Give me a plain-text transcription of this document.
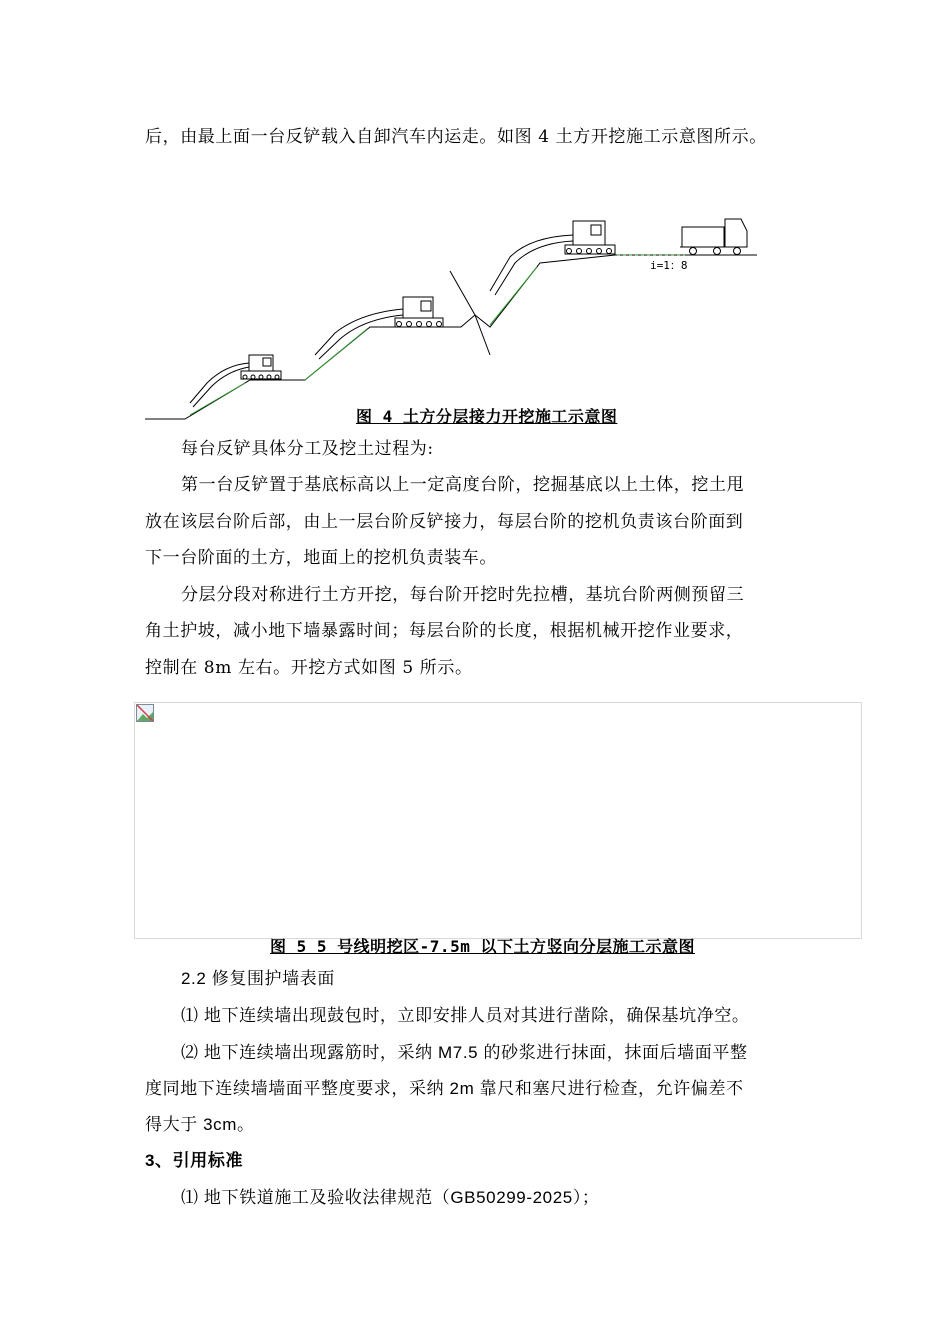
后，由最上面一台反铲载入自卸汽车内运走。如图 4 土方开挖施工示意图所示。
i=1：8
图 4 土方分层接力开挖施工示意图
每台反铲具体分工及挖土过程为:
第一台反铲置于基底标高以上一定高度台阶，挖掘基底以上土体，挖土甩
放在该层台阶后部，由上一层台阶反铲接力，每层台阶的挖机负责该台阶面到
下一台阶面的土方，地面上的挖机负责装车。
分层分段对称进行土方开挖，每台阶开挖时先拉槽，基坑台阶两侧预留三
角土护坡，减小地下墙暴露时间；每层台阶的长度，根据机械开挖作业要求，
控制在 8m 左右。开挖方式如图 5 所示。
图 5 5 号线明挖区-7.5m 以下土方竖向分层施工示意图
2.2 修复围护墙表面
⑴ 地下连续墙出现鼓包时，立即安排人员对其进行凿除，确保基坑净空。
⑵ 地下连续墙出现露筋时，采纳 M7.5 的砂浆进行抹面，抹面后墙面平整
度同地下连续墙墙面平整度要求，采纳 2m 靠尺和塞尺进行检查，允许偏差不
得大于 3cm。
3、引用标准
⑴ 地下铁道施工及验收法律规范（GB50299-2025）；
